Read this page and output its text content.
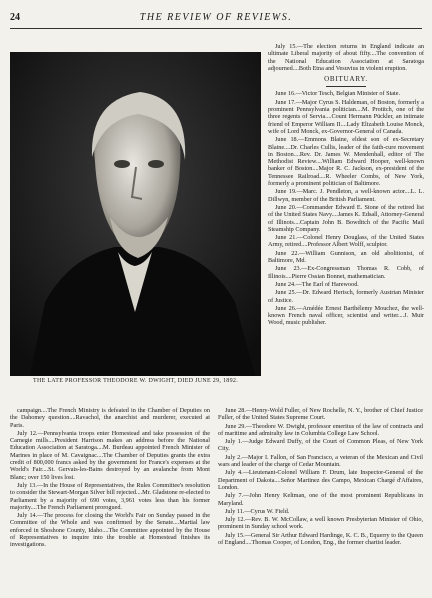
24	THE REVIEW OF REVIEWS.
THE LATE PROFESSOR THEODORE W. DWIGHT, DIED JUNE 29, 1892.

July 15.—The election returns in England indicate an ultimate Liberal majority of about fifty....The convention of the National Education Association at Saratoga adjourned....Both Etna and Vesuvius in violent eruption.

OBITUARY.

June 16.—Victor Tesch, Belgian Minister of State.

June 17.—Major Cyrus S. Haldeman, of Boston, formerly a prominent Pennsylvania politician....M. Protitch, one of the three regents of Servia....Count Hermann Pückler, an intimate friend of Emperor William II....Lady Elizabeth Louise Monck, wife of Lord Monck, ex-Governor-General of Canada.

June 18.—Emmons Blaine, eldest son of ex-Secretary Blaine....Dr. Charles Cullis, leader of the faith-cure movement in Boston....Rev. Dr. James W. Mendenhall, editor of The Methodist Review....William Edward Hooper, well-known banker of Boston....Major R. C. Jackson, ex-president of the Tennessee Railroad....R. Wheeler Combs, of New York, formerly a prominent politician of Baltimore.

June 19.—Marc. J. Pendleton, a well-known actor....L. L. Dillwyn, member of the British Parliament.

June 20.—Commander Edward E. Stone of the retired list of the United States Navy....James K. Edsall, Attorney-General of Illinois....Captain John B. Bowditch of the Pacific Mail Steamship Company.

June 21.—Colonel Henry Douglass, of the United States Army, retired....Professor Albert Wolff, sculptor.

June 22.—William Gunnison, an old abolitionist, of Baltimore, Md.

June 23.—Ex-Congressman Thomas R. Cobb, of Illinois....Pierre Ossian Bonnet, mathematician.

June 24.—The Earl of Harewood.

June 25.—Dr. Edward Herisch, formerly Austrian Minister of Justice.

June 26.—Amédée Ernest Barthélemy Mouchez, the well-known French naval officer, scientist and writer....J. Muir Wood, music publisher.

campaign....The French Ministry is defeated in the Chamber of Deputies on the Dahomey question....Ravachol, the anarchist and murderer, executed at Paris.

July 12.—Pennsylvania troops enter Homestead and take possession of the Carnegie mills....President Harrison makes an address before the National Education Association at Saratoga....M. Burdeau appointed French Minister of Marines in place of M. Cavaignac....The Chamber of Deputies grants the extra credit of 800,000 francs asked by the government for France's expenses at the World's Fair....St. Gervais-les-Bains destroyed by an avalanche from Mont Blanc; over 150 lives lost.

July 13.—In the House of Representatives, the Rules Committee's resolution to consider the Stewart-Morgan Silver bill rejected....Mr. Gladstone re-elected to Parliament by a majority of 690 votes, 3,961 votes less than his former majority....The French Parliament prorogued.

July 14.—The process for closing the World's Fair on Sunday passed in the Committee of the Whole and was confirmed by the Senate....Martial law enforced in Shoshone County, Idaho....The Committee appointed by the House of Representatives to inquire into the trouble at Homestead finishes its investigations.

June 28.—Henry-Wold Fuller, of New Rochelle, N. Y., brother of Chief Justice Fuller, of the United States Supreme Court.

June 29.—Theodore W. Dwight, professor emeritus of the law of contracts and of maritime and admiralty law in Columbia College Law School.

July 1.—Judge Edward Duffy, of the Court of Common Pleas, of New York City.

July 2.—Major I. Fallon, of San Francisco, a veteran of the Mexican and Civil wars and leader of the charge of Cedar Mountain.

July 4.—Lieutenant-Colonel William F. Drum, late Inspector-General of the Department of Dakota....Señor Martinez des Campo, Mexican Chargé d'Affaires, London.

July 7.—John Henry Keltman, one of the most prominent Republicans in Maryland.

July 11.—Cyrus W. Field.

July 12.—Rev. B. W. McCollaw, a well known Presbyterian Minister of Ohio, prominent in Sunday school work.

July 15.—General Sir Arthur Edward Hardinge, K. C. B., Equerry to the Queen of England....Thomas Cooper, of London, Eng., the former chartist leader.
